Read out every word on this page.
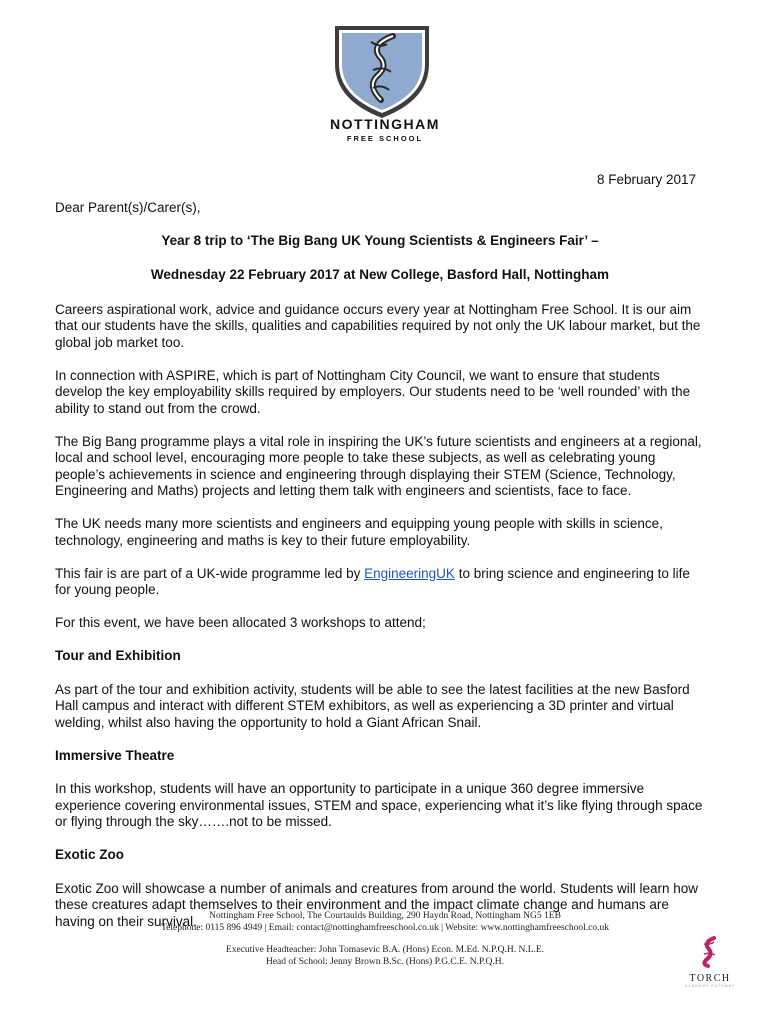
NOTTINGHAM
FREE SCHOOL
8 February 2017

Dear Parent(s)/Carer(s),

Year 8 trip to ‘The Big Bang UK Young Scientists & Engineers Fair’ –

Wednesday 22 February 2017 at New College, Basford Hall, Nottingham

Careers aspirational work, advice and guidance occurs every year at Nottingham Free School. It is our aim that our students have the skills, qualities and capabilities required by not only the UK labour market, but the global job market too.

In connection with ASPIRE, which is part of Nottingham City Council, we want to ensure that students develop the key employability skills required by employers. Our students need to be ‘well rounded’ with the ability to stand out from the crowd.

The Big Bang programme plays a vital role in inspiring the UK’s future scientists and engineers at a regional, local and school level, encouraging more people to take these subjects, as well as celebrating young people’s achievements in science and engineering through displaying their STEM (Science, Technology, Engineering and Maths) projects and letting them talk with engineers and scientists, face to face.

The UK needs many more scientists and engineers and equipping young people with skills in science, technology, engineering and maths is key to their future employability.

This fair is are part of a UK-wide programme led by EngineeringUK to bring science and engineering to life for young people.

For this event, we have been allocated 3 workshops to attend;

Tour and Exhibition

As part of the tour and exhibition activity, students will be able to see the latest facilities at the new Basford Hall campus and interact with different STEM exhibitors, as well as experiencing a 3D printer and virtual welding, whilst also having the opportunity to hold a Giant African Snail.

Immersive Theatre

In this workshop, students will have an opportunity to participate in a unique 360 degree immersive experience covering environmental issues, STEM and space, experiencing what it’s like flying through space or flying through the sky…….not to be missed.

Exotic Zoo

Exotic Zoo will showcase a number of animals and creatures from around the world. Students will learn how these creatures adapt themselves to their environment and the impact climate change and humans are having on their survival.	Nottingham Free School, The Courtaulds Building, 290 Haydn Road, Nottingham NG5 1EB
Telephone: 0115 896 4949 | Email: contact@nottinghamfreeschool.co.uk | Website: www.nottinghamfreeschool.co.uk
Executive Headteacher: John Tomasevic B.A. (Hons) Econ. M.Ed. N.P.Q.H. N.L.E.
Head of School: Jenny Brown B.Sc. (Hons) P.G.C.E. N.P.Q.H.
TORCH
ACADEMY GATEWAY
